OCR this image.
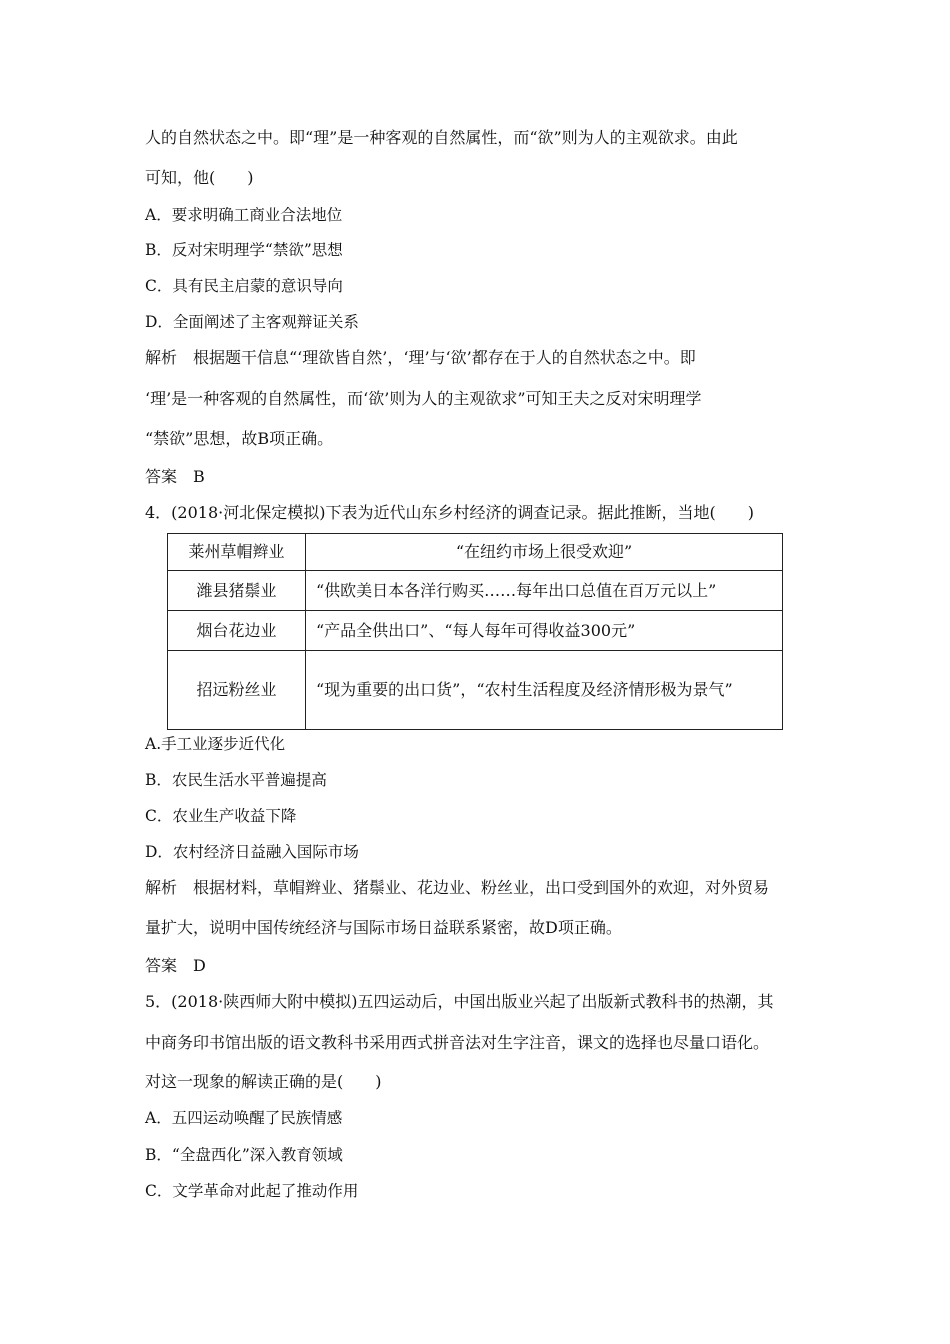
人的自然状态之中。即“理”是一种客观的自然属性，而“欲”则为人的主观欲求。由此
可知，他(　　)
A．要求明确工商业合法地位
B．反对宋明理学“禁欲”思想
C．具有民主启蒙的意识导向
D．全面阐述了主客观辩证关系
解析　根据题干信息“‘理欲皆自然’，‘理’与‘欲’都存在于人的自然状态之中。即
‘理’是一种客观的自然属性，而‘欲’则为人的主观欲求”可知王夫之反对宋明理学
“禁欲”思想，故B项正确。
答案　B
4．(2018·河北保定模拟)下表为近代山东乡村经济的调查记录。据此推断，当地(　　)
莱州草帽辫业	“在纽约市场上很受欢迎”
潍县猪鬃业	“供欧美日本各洋行购买……每年出口总值在百万元以上”
烟台花边业	“产品全供出口”、“每人每年可得收益300元”
招远粉丝业	“现为重要的出口货”，“农村生活程度及经济情形极为景气”
A.手工业逐步近代化
B．农民生活水平普遍提高
C．农业生产收益下降
D．农村经济日益融入国际市场
解析　根据材料，草帽辫业、猪鬃业、花边业、粉丝业，出口受到国外的欢迎，对外贸易
量扩大，说明中国传统经济与国际市场日益联系紧密，故D项正确。
答案　D
5．(2018·陕西师大附中模拟)五四运动后，中国出版业兴起了出版新式教科书的热潮，其
中商务印书馆出版的语文教科书采用西式拼音法对生字注音，课文的选择也尽量口语化。
对这一现象的解读正确的是(　　)
A．五四运动唤醒了民族情感
B．“全盘西化”深入教育领域
C．文学革命对此起了推动作用
